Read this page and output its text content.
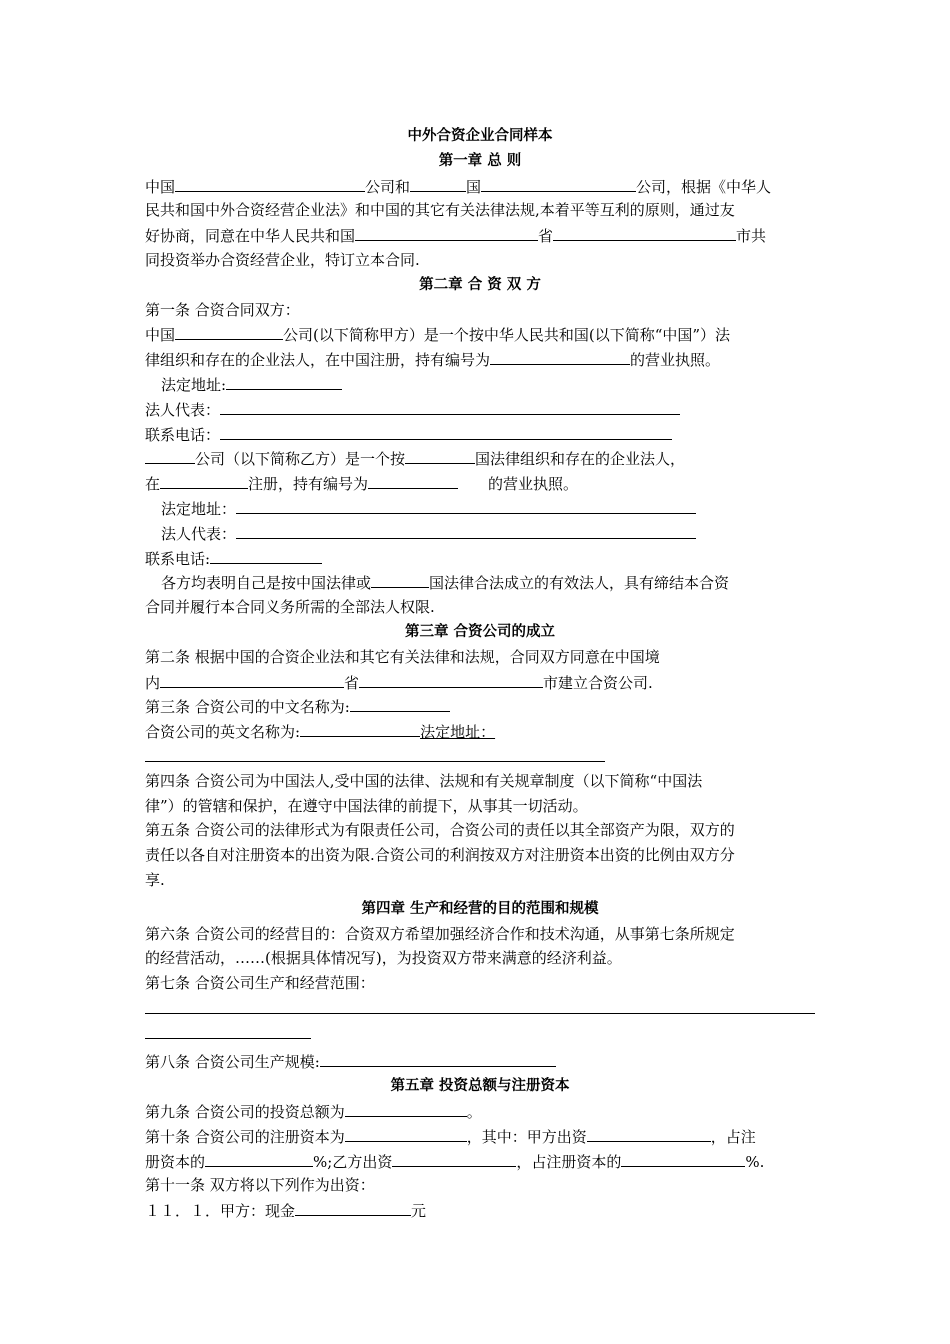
中外合资企业合同样本
第一章 总 则
中国	公司和	国	公司，根据《中华人
民共和国中外合资经营企业法》和中国的其它有关法律法规,本着平等互利的原则，通过友
好协商，同意在中华人民共和国	省	市共
同投资举办合资经营企业，特订立本合同.
第二章 合 资 双 方
第一条 合资合同双方：
中国	公司(以下简称甲方）是一个按中华人民共和国(以下简称“中国”）法
律组织和存在的企业法人，在中国注册，持有编号为	的营业执照。
法定地址:
法人代表：
联系电话：
公司（以下简称乙方）是一个按	国法律组织和存在的企业法人，
在	注册，持有编号为	的营业执照。
法定地址：
法人代表：
联系电话:
各方均表明自己是按中国法律或	国法律合法成立的有效法人，具有缔结本合资
合同并履行本合同义务所需的全部法人权限.
第三章 合资公司的成立
第二条 根据中国的合资企业法和其它有关法律和法规，合同双方同意在中国境
内	省	市建立合资公司.
第三条 合资公司的中文名称为:
合资公司的英文名称为:	法定地址：
第四条 合资公司为中国法人,受中国的法律、法规和有关规章制度（以下简称“中国法
律”）的管辖和保护，在遵守中国法律的前提下，从事其一切活动。
第五条 合资公司的法律形式为有限责任公司，合资公司的责任以其全部资产为限，双方的
责任以各自对注册资本的出资为限.合资公司的利润按双方对注册资本出资的比例由双方分
享.
第四章 生产和经营的目的范围和规模
第六条 合资公司的经营目的：合资双方希望加强经济合作和技术沟通，从事第七条所规定
的经营活动，……(根据具体情况写)，为投资双方带来满意的经济利益。
第七条 合资公司生产和经营范围：
第八条 合资公司生产规模:
第五章 投资总额与注册资本
第九条 合资公司的投资总额为	。
第十条 合资公司的注册资本为	，其中：甲方出资	，占注
册资本的	%;乙方出资	，占注册资本的	%.
第十一条 双方将以下列作为出资：
１１．１．甲方：现金	元
